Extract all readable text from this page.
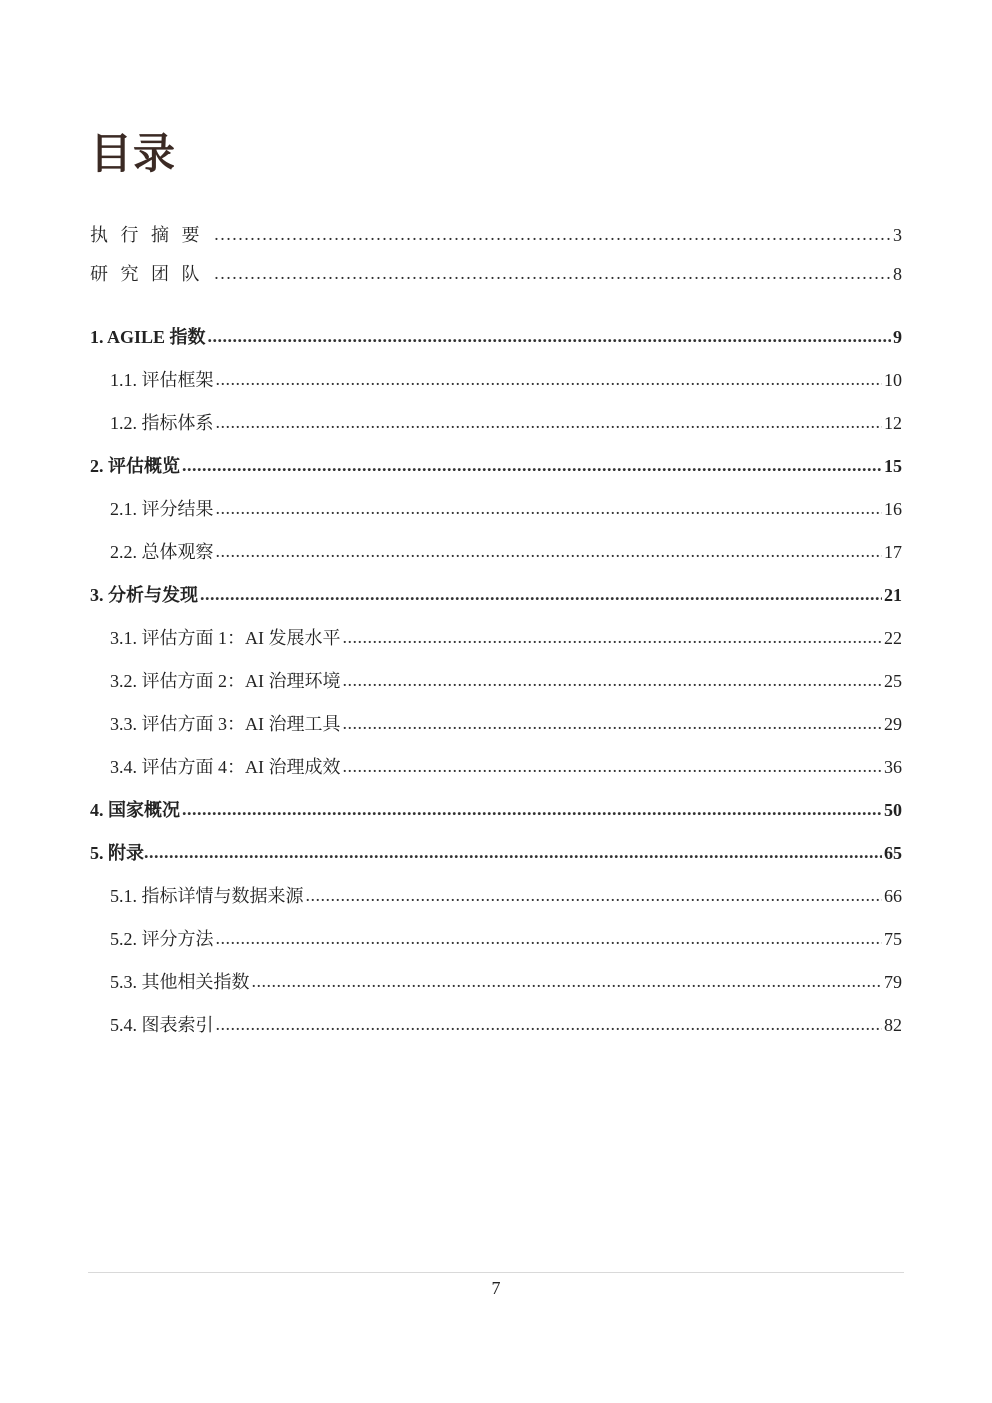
目录
执 行 摘 要 ……………………………………………………………………………………………………………………………………………………………………………………………………………………………………………………	3
研 究 团 队 ……………………………………………………………………………………………………………………………………………………………………………………………………………………………………………………	8
1. AGILE 指数 .....	9
1.1. 评估框架 .....	10
1.2. 指标体系 .....	12
2. 评估概览 .....	15
2.1. 评分结果 .....	16
2.2. 总体观察 .....	17
3. 分析与发现 .....	21
3.1. 评估方面 1：AI 发展水平 .....	22
3.2. 评估方面 2：AI 治理环境 .....	25
3.3. 评估方面 3：AI 治理工具 .....	29
3.4. 评估方面 4：AI 治理成效 .....	36
4. 国家概况 .....	50
5. 附录 .....	65
5.1. 指标详情与数据来源 .....	66
5.2. 评分方法 .....	75
5.3. 其他相关指数 .....	79
5.4. 图表索引 .....	82
7
